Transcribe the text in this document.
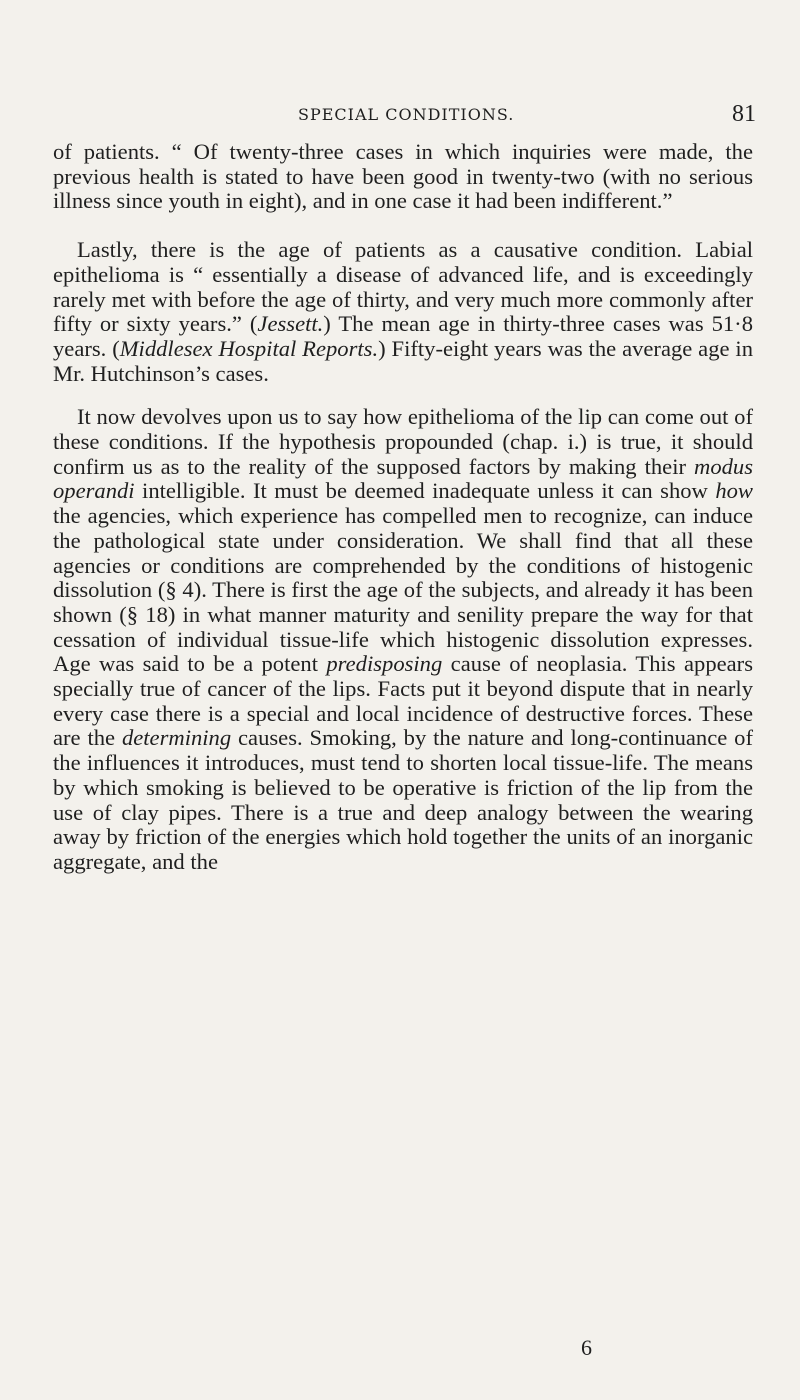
SPECIAL CONDITIONS.	81

of patients. “ Of twenty-three cases in which inquiries were made, the previous health is stated to have been good in twenty-two (with no serious illness since youth in eight), and in one case it had been indifferent.”

Lastly, there is the age of patients as a causative condition. Labial epithelioma is “ essentially a disease of advanced life, and is exceedingly rarely met with before the age of thirty, and very much more commonly after fifty or sixty years.” (Jessett.) The mean age in thirty-three cases was 51·8 years. (Middlesex Hospital Reports.) Fifty-eight years was the average age in Mr. Hutchinson’s cases.

It now devolves upon us to say how epithelioma of the lip can come out of these conditions. If the hypothesis propounded (chap. i.) is true, it should confirm us as to the reality of the supposed factors by making their modus operandi intelligible. It must be deemed inadequate unless it can show how the agencies, which experience has compelled men to recognize, can induce the pathological state under consideration. We shall find that all these agencies or conditions are comprehended by the conditions of histogenic dissolution (§ 4). There is first the age of the subjects, and already it has been shown (§ 18) in what manner maturity and senility prepare the way for that cessation of individual tissue-life which histogenic dissolution expresses. Age was said to be a potent predisposing cause of neoplasia. This appears specially true of cancer of the lips. Facts put it beyond dispute that in nearly every case there is a special and local incidence of destructive forces. These are the determining causes. Smoking, by the nature and long-continuance of the influences it introduces, must tend to shorten local tissue-life. The means by which smoking is believed to be operative is friction of the lip from the use of clay pipes. There is a true and deep analogy between the wearing away by friction of the energies which hold together the units of an inorganic aggregate, and the

6
